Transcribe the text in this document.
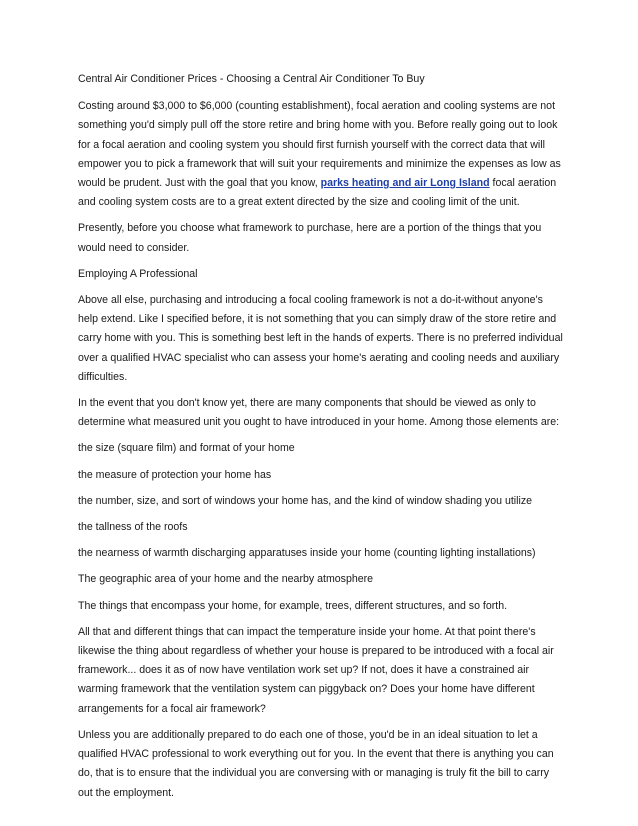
Central Air Conditioner Prices - Choosing a Central Air Conditioner To Buy

Costing around $3,000 to $6,000 (counting establishment), focal aeration and cooling systems are not something you'd simply pull off the store retire and bring home with you. Before really going out to look for a focal aeration and cooling system you should first furnish yourself with the correct data that will empower you to pick a framework that will suit your requirements and minimize the expenses as low as would be prudent. Just with the goal that you know, parks heating and air Long Island focal aeration and cooling system costs are to a great extent directed by the size and cooling limit of the unit.

Presently, before you choose what framework to purchase, here are a portion of the things that you would need to consider.

Employing A Professional

Above all else, purchasing and introducing a focal cooling framework is not a do-it-without anyone's help extend. Like I specified before, it is not something that you can simply draw of the store retire and carry home with you. This is something best left in the hands of experts. There is no preferred individual over a qualified HVAC specialist who can assess your home's aerating and cooling needs and auxiliary difficulties.

In the event that you don't know yet, there are many components that should be viewed as only to determine what measured unit you ought to have introduced in your home. Among those elements are:

the size (square film) and format of your home

the measure of protection your home has

the number, size, and sort of windows your home has, and the kind of window shading you utilize

the tallness of the roofs

the nearness of warmth discharging apparatuses inside your home (counting lighting installations)

The geographic area of your home and the nearby atmosphere

The things that encompass your home, for example, trees, different structures, and so forth.

All that and different things that can impact the temperature inside your home. At that point there's likewise the thing about regardless of whether your house is prepared to be introduced with a focal air framework... does it as of now have ventilation work set up? If not, does it have a constrained air warming framework that the ventilation system can piggyback on? Does your home have different arrangements for a focal air framework?

Unless you are additionally prepared to do each one of those, you'd be in an ideal situation to let a qualified HVAC professional to work everything out for you. In the event that there is anything you can do, that is to ensure that the individual you are conversing with or managing is truly fit the bill to carry out the employment.
